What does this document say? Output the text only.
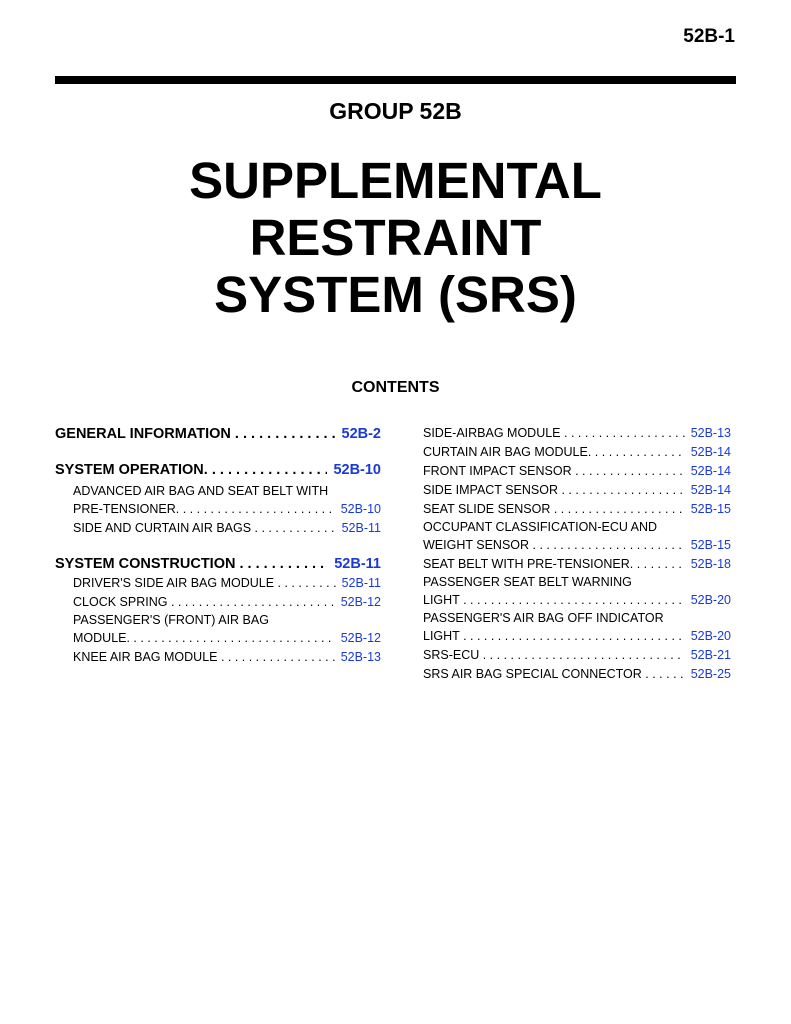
52B-1
GROUP 52B
SUPPLEMENTAL
RESTRAINT
SYSTEM (SRS)
CONTENTS
GENERAL INFORMATION . . .	52B-2
SYSTEM OPERATION. . . .	52B-10
ADVANCED AIR BAG AND SEAT BELT WITH
PRE-TENSIONER. . . .	52B-10
SIDE AND CURTAIN AIR BAGS . . .	52B-11
SYSTEM CONSTRUCTION . . .	52B-11
DRIVER'S SIDE AIR BAG MODULE . . .	52B-11
CLOCK SPRING . . .	52B-12
PASSENGER'S (FRONT) AIR BAG
MODULE. . . .	52B-12
KNEE AIR BAG MODULE . . .	52B-13
SIDE-AIRBAG MODULE . . .	52B-13
CURTAIN AIR BAG MODULE. . . .	52B-14
FRONT IMPACT SENSOR . . .	52B-14
SIDE IMPACT SENSOR . . .	52B-14
SEAT SLIDE SENSOR . . .	52B-15
OCCUPANT CLASSIFICATION-ECU AND
WEIGHT SENSOR . . .	52B-15
SEAT BELT WITH PRE-TENSIONER. . . .	52B-18
PASSENGER SEAT BELT WARNING
LIGHT . . .	52B-20
PASSENGER'S AIR BAG OFF INDICATOR
LIGHT . . .	52B-20
SRS-ECU . . .	52B-21
SRS AIR BAG SPECIAL CONNECTOR . . .	52B-25
